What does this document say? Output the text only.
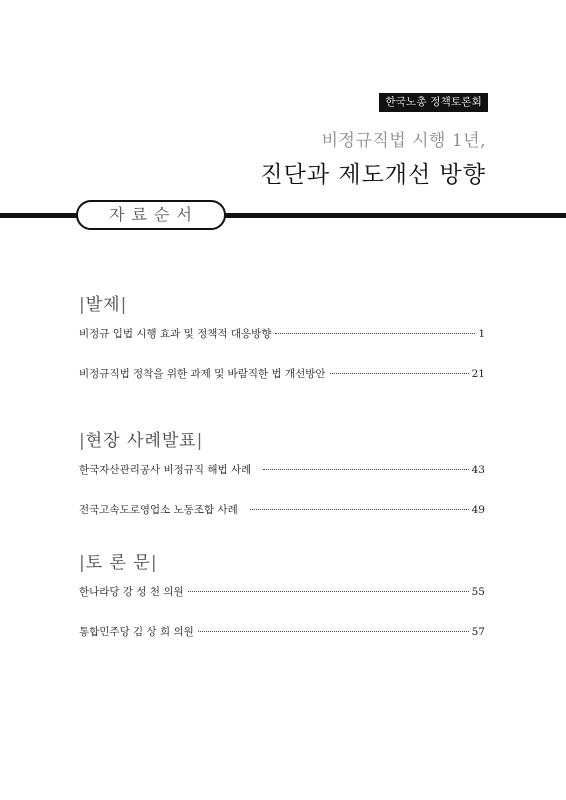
한국노총 정책토론회
비정규직법 시행 1년,
진단과 제도개선 방향
자료순서
|발제|
비정규 입법 시행 효과 및 정책적 대응방향	1
비정규직법 정착을 위한 과제 및 바람직한 법 개선방안	21
|현장 사례발표|
한국자산관리공사 비정규직 해법 사례	43
전국고속도로영업소 노동조합 사례	49
|토 론 문|
한나라당 강 성 천 의원	55
통합민주당 김 상 희 의원	57
